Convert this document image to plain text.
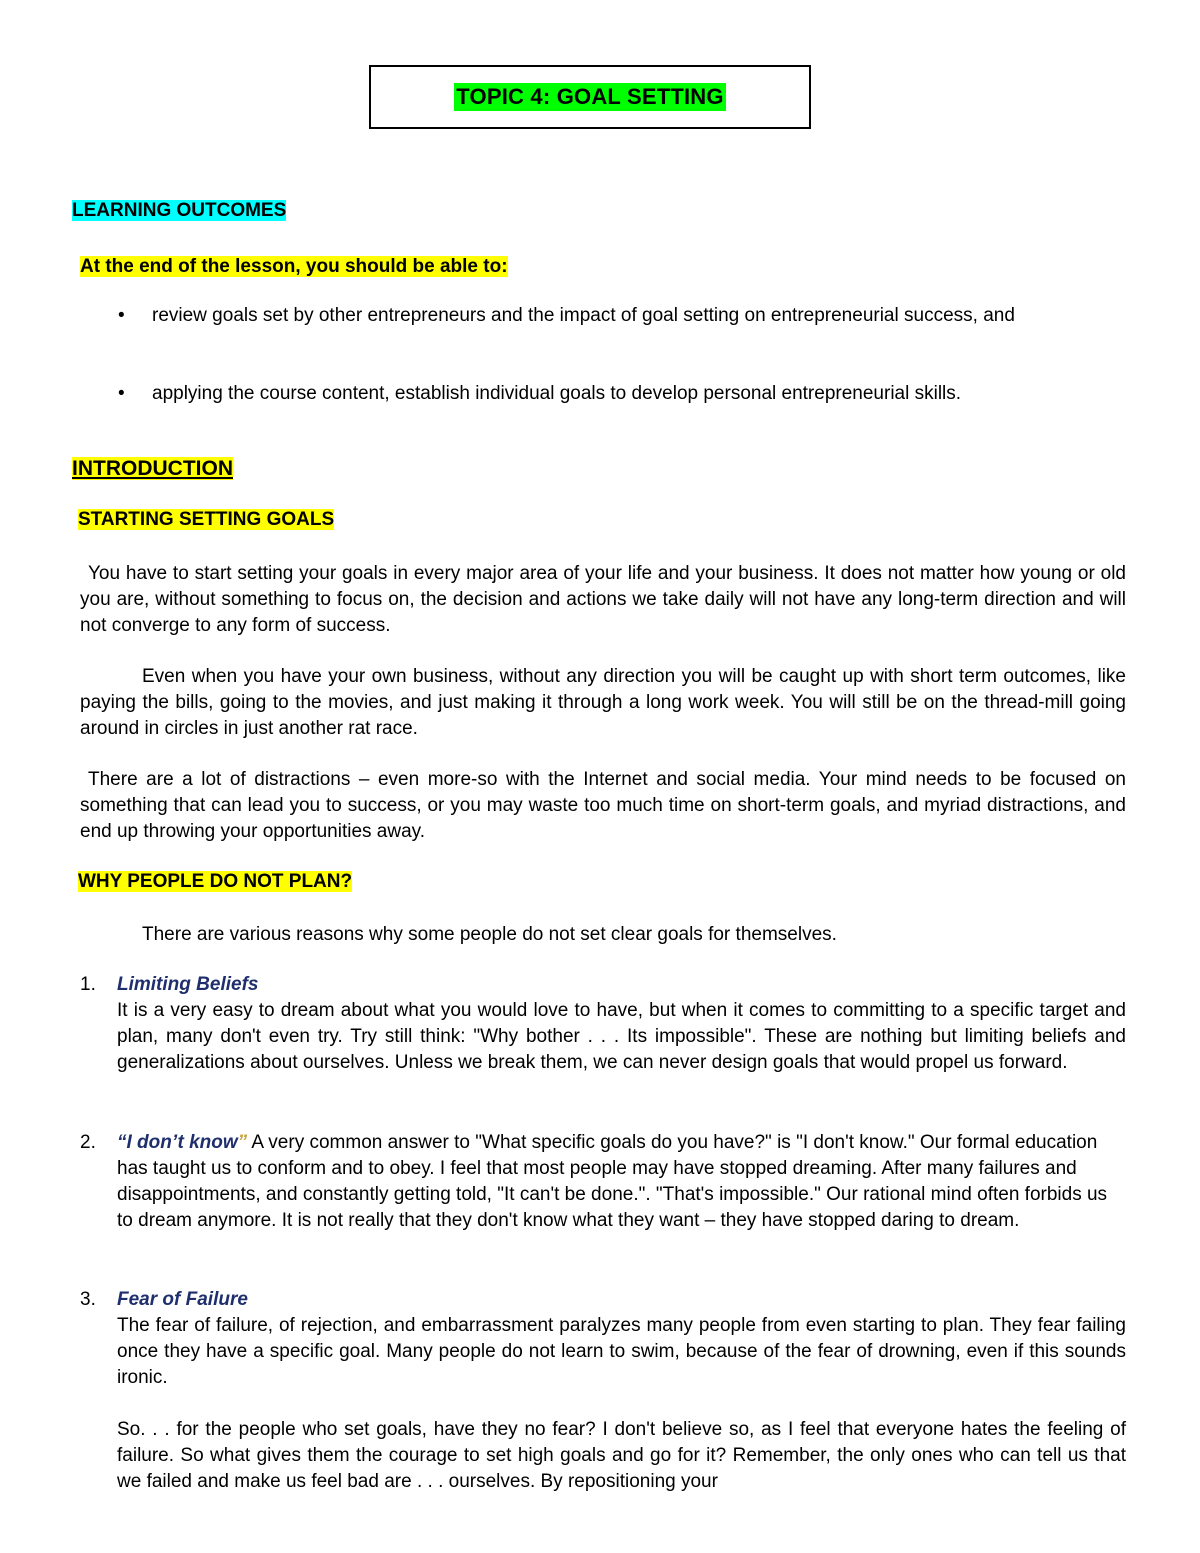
TOPIC 4: GOAL SETTING
LEARNING OUTCOMES
At the end of the lesson, you should be able to:
•	review goals set by other entrepreneurs and the impact of goal setting on entrepreneurial success, and
•	applying the course content, establish individual goals to develop personal entrepreneurial skills.
INTRODUCTION
STARTING SETTING GOALS
You have to start setting your goals in every major area of your life and your business. It does not matter how young or old you are, without something to focus on, the decision and actions we take daily will not have any long-term direction and will not converge to any form of success.
Even when you have your own business, without any direction you will be caught up with short term outcomes, like paying the bills, going to the movies, and just making it through a long work week. You will still be on the thread-mill going around in circles in just another rat race.
There are a lot of distractions – even more-so with the Internet and social media. Your mind needs to be focused on something that can lead you to success, or you may waste too much time on short-term goals, and myriad distractions, and end up throwing your opportunities away.
WHY PEOPLE DO NOT PLAN?
There are various reasons why some people do not set clear goals for themselves.
1.	Limiting Beliefs
It is a very easy to dream about what you would love to have, but when it comes to committing to a specific target and plan, many don't even try. Try still think: "Why bother . . . Its impossible". These are nothing but limiting beliefs and generalizations about ourselves. Unless we break them, we can never design goals that would propel us forward.
2.	“I don’t know” A very common answer to "What specific goals do you have?" is "I don't know." Our formal education has taught us to conform and to obey. I feel that most people may have stopped dreaming. After many failures and disappointments, and constantly getting told, "It can't be done.". "That's impossible." Our rational mind often forbids us to dream anymore. It is not really that they don't know what they want – they have stopped daring to dream.
3.	Fear of Failure
The fear of failure, of rejection, and embarrassment paralyzes many people from even starting to plan. They fear failing once they have a specific goal. Many people do not learn to swim, because of the fear of drowning, even if this sounds ironic.
So. . . for the people who set goals, have they no fear? I don't believe so, as I feel that everyone hates the feeling of failure. So what gives them the courage to set high goals and go for it? Remember, the only ones who can tell us that we failed and make us feel bad are . . . ourselves. By repositioning your
